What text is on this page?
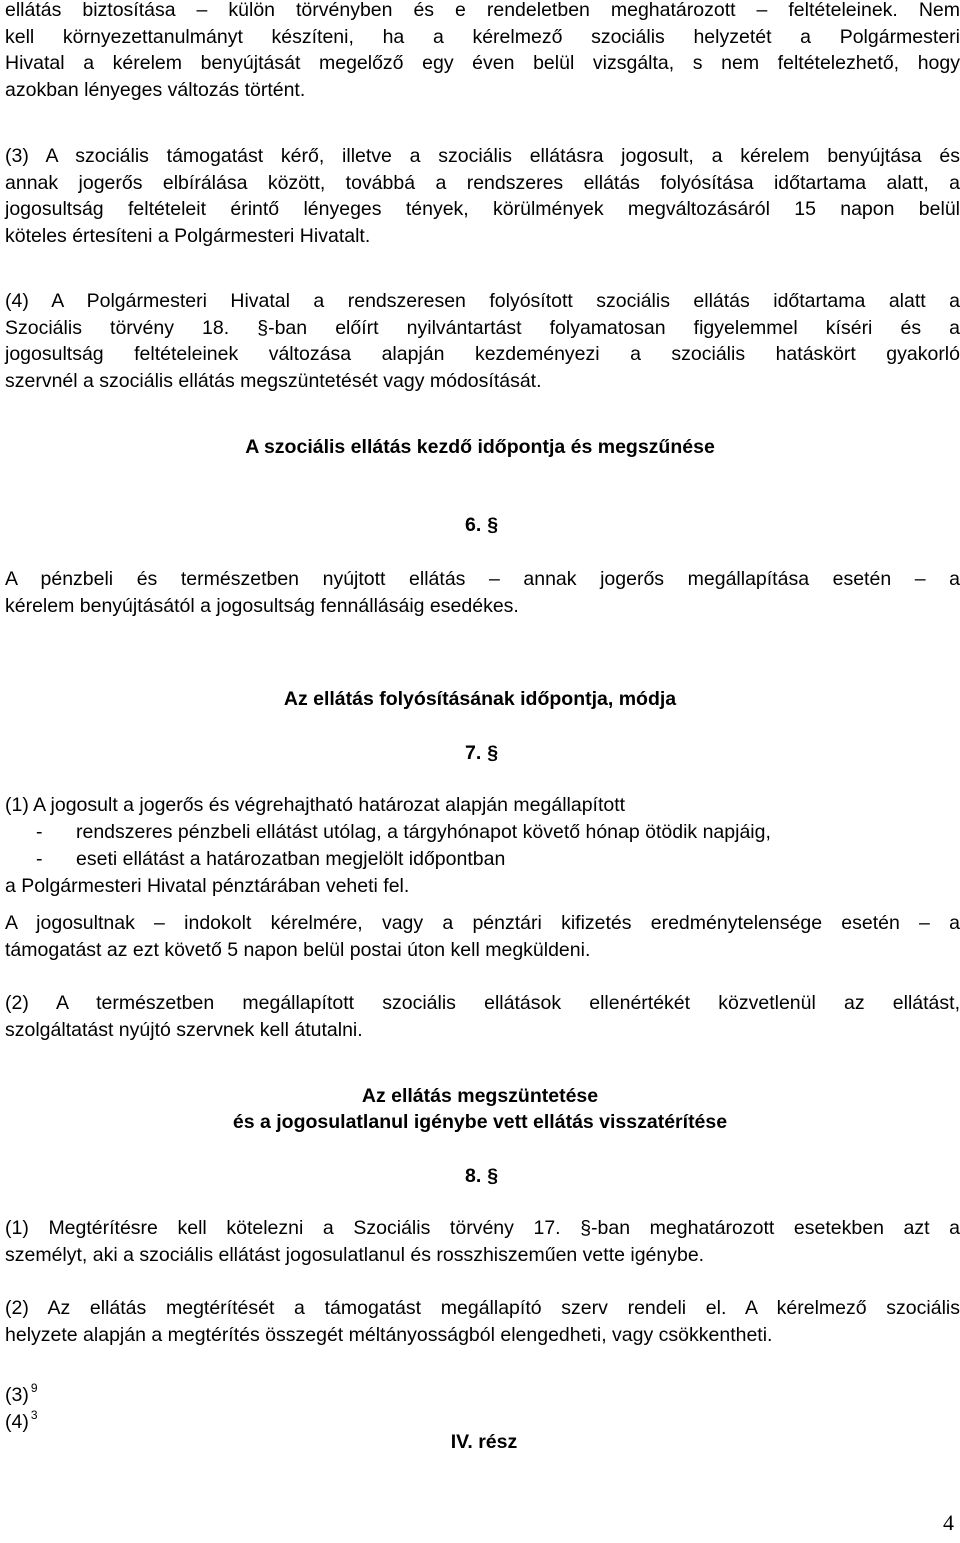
ellátás biztosítása – külön törvényben és e rendeletben meghatározott – feltételeinek. Nem
kell környezettanulmányt készíteni, ha a kérelmező szociális helyzetét a Polgármesteri
Hivatal a kérelem benyújtását megelőző egy éven belül vizsgálta, s nem feltételezhető, hogy
azokban lényeges változás történt.
(3) A szociális támogatást kérő, illetve a szociális ellátásra jogosult, a kérelem benyújtása és
annak jogerős elbírálása között, továbbá a rendszeres ellátás folyósítása időtartama alatt, a
jogosultság feltételeit érintő lényeges tények, körülmények megváltozásáról 15 napon belül
köteles értesíteni a Polgármesteri Hivatalt.
(4) A Polgármesteri Hivatal a rendszeresen folyósított szociális ellátás időtartama alatt a
Szociális törvény 18. §-ban előírt nyilvántartást folyamatosan figyelemmel kíséri és a
jogosultság feltételeinek változása alapján kezdeményezi a szociális hatáskört gyakorló
szervnél a szociális ellátás megszüntetését vagy módosítását.

A szociális ellátás kezdő időpontja és megszűnése

6. §

A pénzbeli és természetben nyújtott ellátás – annak jogerős megállapítása esetén – a
kérelem benyújtásától a jogosultság fennállásáig esedékes.

Az ellátás folyósításának időpontja, módja

7. §

(1) A jogosult a jogerős és végrehajtható határozat alapján megállapított

- rendszeres pénzbeli ellátást utólag, a tárgyhónapot követő hónap ötödik napjáig,

- eseti ellátást a határozatban megjelölt időpontban

a Polgármesteri Hivatal pénztárában veheti fel.

A jogosultnak – indokolt kérelmére, vagy a pénztári kifizetés eredménytelensége esetén – a
támogatást az ezt követő 5 napon belül postai úton kell megküldeni.
(2) A természetben megállapított szociális ellátások ellenértékét közvetlenül az ellátást,
szolgáltatást nyújtó szervnek kell átutalni.

Az ellátás megszüntetése

és a jogosulatlanul igénybe vett ellátás visszatérítése

8. §

(1) Megtérítésre kell kötelezni a Szociális törvény 17. §-ban meghatározott esetekben azt a
személyt, aki a szociális ellátást jogosulatlanul és rosszhiszeműen vette igénybe.
(2) Az ellátás megtérítését a támogatást megállapító szerv rendeli el. A kérelmező szociális
helyzete alapján a megtérítés összegét méltányosságból elengedheti, vagy csökkentheti.

(3) $^9$

(4) $^3$

IV. rész

4
